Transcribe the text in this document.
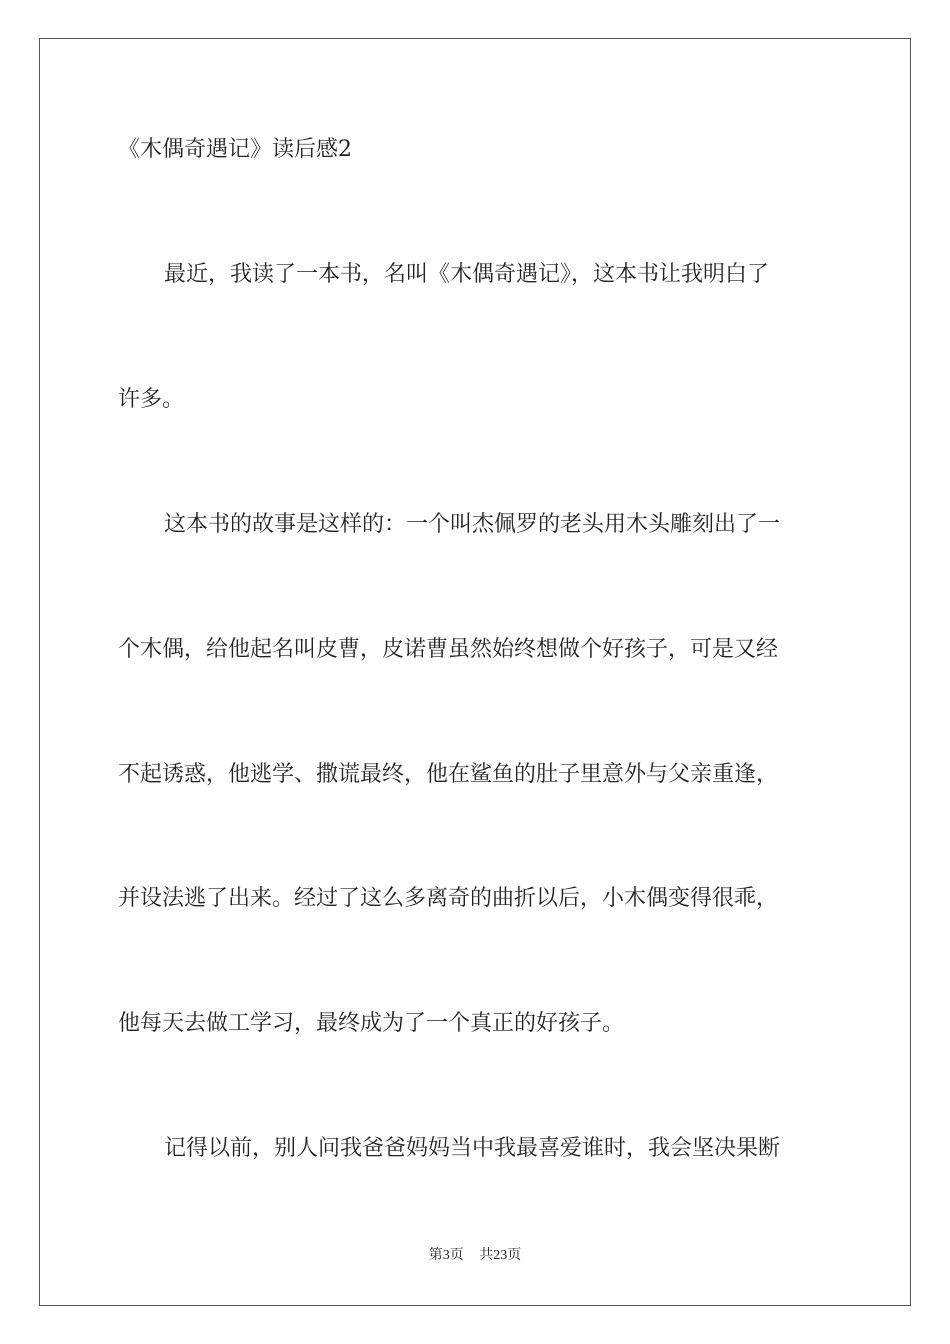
《木偶奇遇记》读后感2
最近，我读了一本书，名叫《木偶奇遇记》，这本书让我明白了
许多。
这本书的故事是这样的：一个叫杰佩罗的老头用木头雕刻出了一
个木偶，给他起名叫皮曹，皮诺曹虽然始终想做个好孩子，可是又经
不起诱惑，他逃学、撒谎最终，他在鲨鱼的肚子里意外与父亲重逢，
并设法逃了出来。经过了这么多离奇的曲折以后，小木偶变得很乖，
他每天去做工学习，最终成为了一个真正的好孩子。
记得以前，别人问我爸爸妈妈当中我最喜爱谁时，我会坚决果断
第3页 共23页
